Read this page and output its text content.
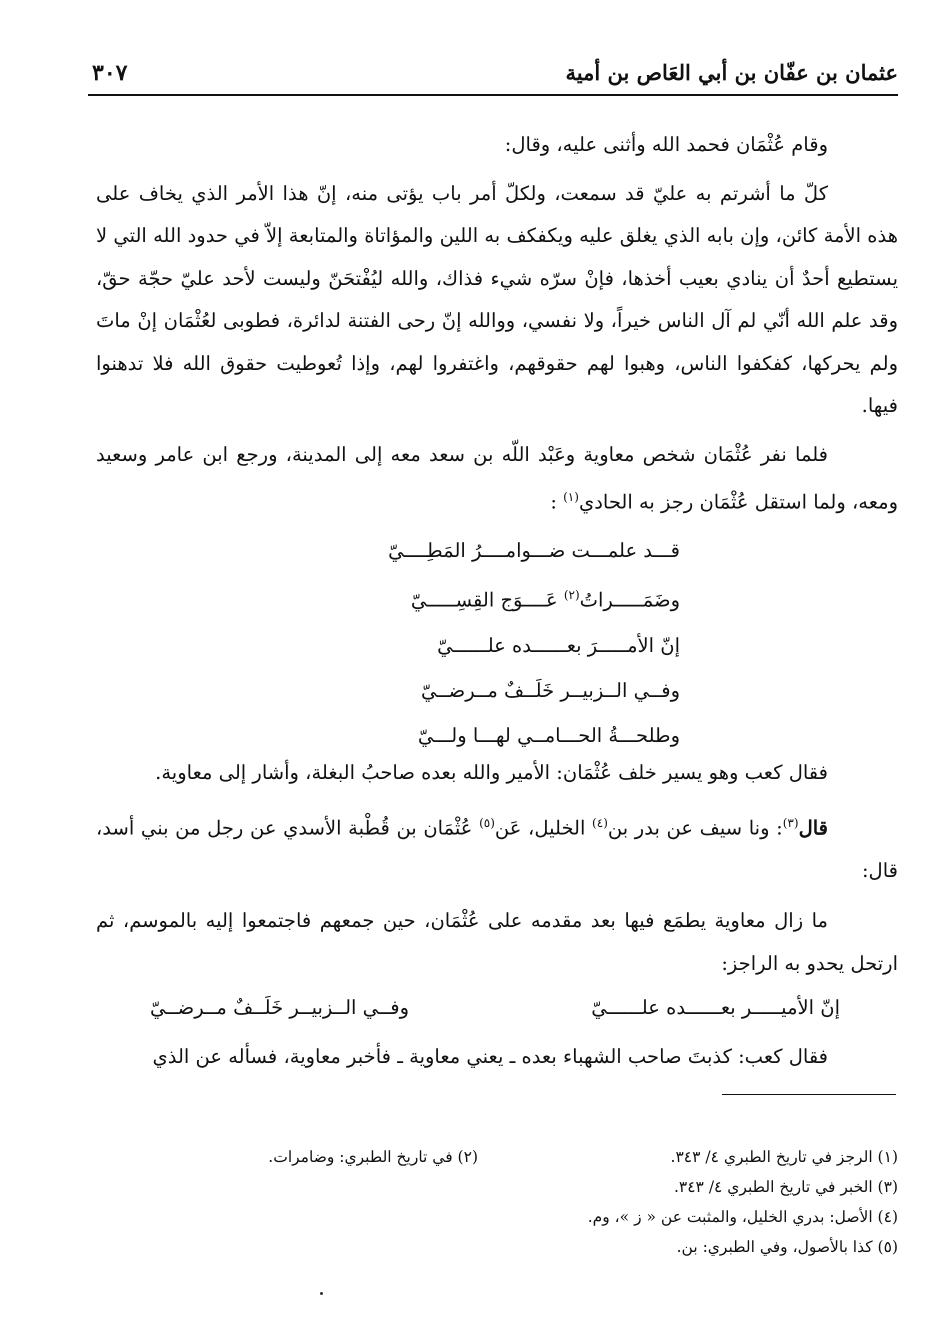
عثمان بن عفّان بن أبي العَاص بن أمية
٣٠٧

وقام عُثْمَان فحمد الله وأثنى عليه، وقال:

كلّ ما أشرتم به عليّ قد سمعت، ولكلّ أمر باب يؤتى منه، إنّ هذا الأمر الذي يخاف على هذه الأمة كائن، وإن بابه الذي يغلق عليه ويكفكف به اللين والمؤاتاة والمتابعة إلاّ في حدود الله التي لا يستطيع أحدٌ أن ينادي بعيب أخذها، فإنْ سرّه شيء فذاك، والله ليُفْتحَنّ وليست لأحد عليّ حجّة حقّ، وقد علم الله أنّي لم آل الناس خيراً، ولا نفسي، ووالله إنّ رحى الفتنة لدائرة، فطوبى لعُثْمَان إنْ ماتَ ولم يحركها، كفكفوا الناس، وهبوا لهم حقوقهم، واغتفروا لهم، وإذا تُعوطيت حقوق الله فلا تدهنوا فيها.

فلما نفر عُثْمَان شخص معاوية وعَبْد اللّه بن سعد معه إلى المدينة، ورجع ابن عامر وسعيد ومعه، ولما استقل عُثْمَان رجز به الحادي$^{(١)}$ :

قـــد علمـــت ضـــوامــــرُ المَطِــــيّ
وضَمَـــــراتُ$^{(٢)}$ عَــــوَج القِسِـــــيّ
إنّ الأمـــــرَ بعــــــده علــــــيّ
وفــي الــزبيــر خَلَــفٌ مــرضــيّ
وطلحـــةُ الحـــامــي لهـــا ولـــيّ

فقال كعب وهو يسير خلف عُثْمَان: الأمير والله بعده صاحبُ البغلة، وأشار إلى معاوية.

قال$^{(٣)}$: ونا سيف عن بدر بن$^{(٤)}$ الخليل، عَن$^{(٥)}$ عُثْمَان بن قُطْبة الأسدي عن رجل من بني أسد، قال:

ما زال معاوية يطمَع فيها بعد مقدمه على عُثْمَان، حين جمعهم فاجتمعوا إليه بالموسم، ثم ارتحل يحدو به الراجز:

إنّ الأميـــــر بعــــــده علــــــيّ
وفــي الــزبيــر خَلَــفٌ مــرضــيّ

فقال كعب: كذبتَ صاحب الشهباء بعده ـ يعني معاوية ـ فأخبر معاوية، فسأله عن الذي

(١) الرجز في تاريخ الطبري ٤/ ٣٤٣.
(٢) في تاريخ الطبري: وضامرات.
(٣) الخبر في تاريخ الطبري ٤/ ٣٤٣.
(٤) الأصل: بدري الخليل، والمثبت عن « ز »، وم.
(٥) كذا بالأصول، وفي الطبري: بن.
